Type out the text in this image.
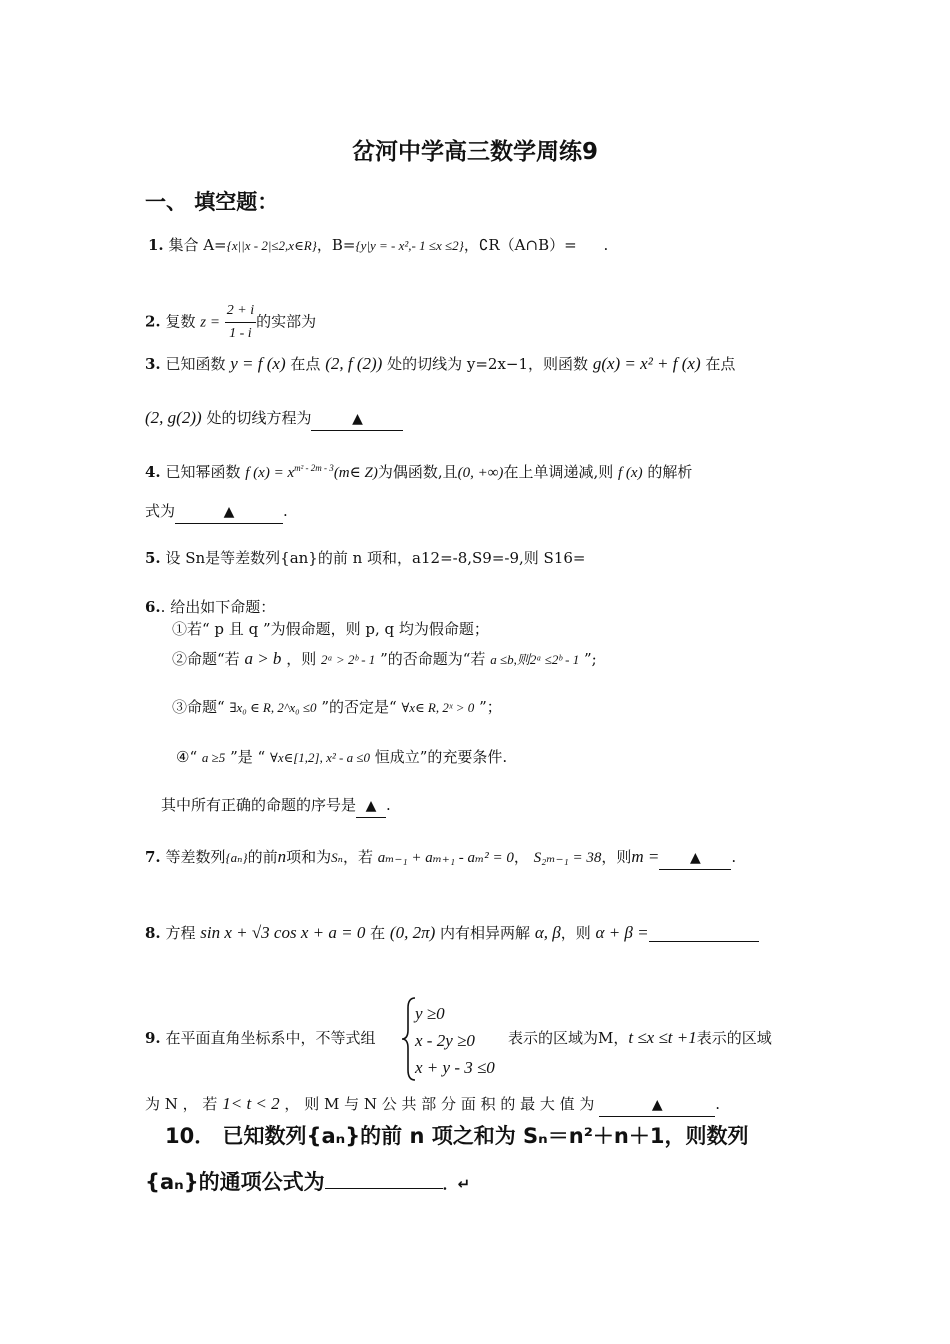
岔河中学高三数学周练9
一、 填空题：
1. 集合 A={x||x - 2|≤2,x∈R}，B={y|y = - x²,- 1 ≤x ≤2}，∁R（A∩B）= .
2. 复数 $z = \frac{2 + i}{1 - i}$ 的实部为
3. 已知函数 y = f (x) 在点 (2, f (2)) 处的切线为 y=2x−1，则函数 g(x) = x² + f (x) 在点
(2, g(2)) 处的切线方程为	▲
4. 已知幂函数 f $(x) = x^{m^2 - 2m - 3}(m\in$ Z)为偶函数,且(0, +∞)在上单调递减,则 f (x) 的解析
式为	▲	.
5. 设 Sn是等差数列{an}的前 n 项和，a12=-8,S9=-9,则 S16=
6.. 给出如下命题：
①若“ p 且 q ”为假命题，则 p, q 均为假命题；
②命题“若 a > b ，则 2ᵃ > 2ᵇ - 1 ”的否命题为“若 a ≤b,则2ᵃ ≤2ᵇ - 1 ”;
③命题“ ∃x₀ ∈ R, 2^x₀ ≤0 ”的否定是“ ∀x∈ R, 2ˣ > 0 ”；
④“ a ≥5 ”是 “ ∀x∈[1,2], x² - a ≤0 恒成立”的充要条件.
其中所有正确的命题的序号是 ▲ .
7. 等差数列{aₙ}的前n项和为Sₙ，若 aₘ₋₁ + aₘ₊₁ - aₘ² = 0， S₂ₘ₋₁ = 38，则m = ▲ .
8. 方程 sin x + √3 cos x + a = 0 在 (0, 2π) 内有相异两解 α, β，则 α + β =
9. 在平面直角坐标系中，不等式组
y ≥0
x - 2y ≥0
x + y - 3 ≤0
表示的区域为M，t ≤x ≤t +1表示的区域
为 N ， 若 1< t < 2 ， 则 M 与 N 公 共 部 分 面 积 的 最 大 值 为	▲	.
10． 已知数列{aₙ}的前 n 项之和为 Sₙ＝n²＋n＋1，则数列
{aₙ}的通项公式为	．↵
